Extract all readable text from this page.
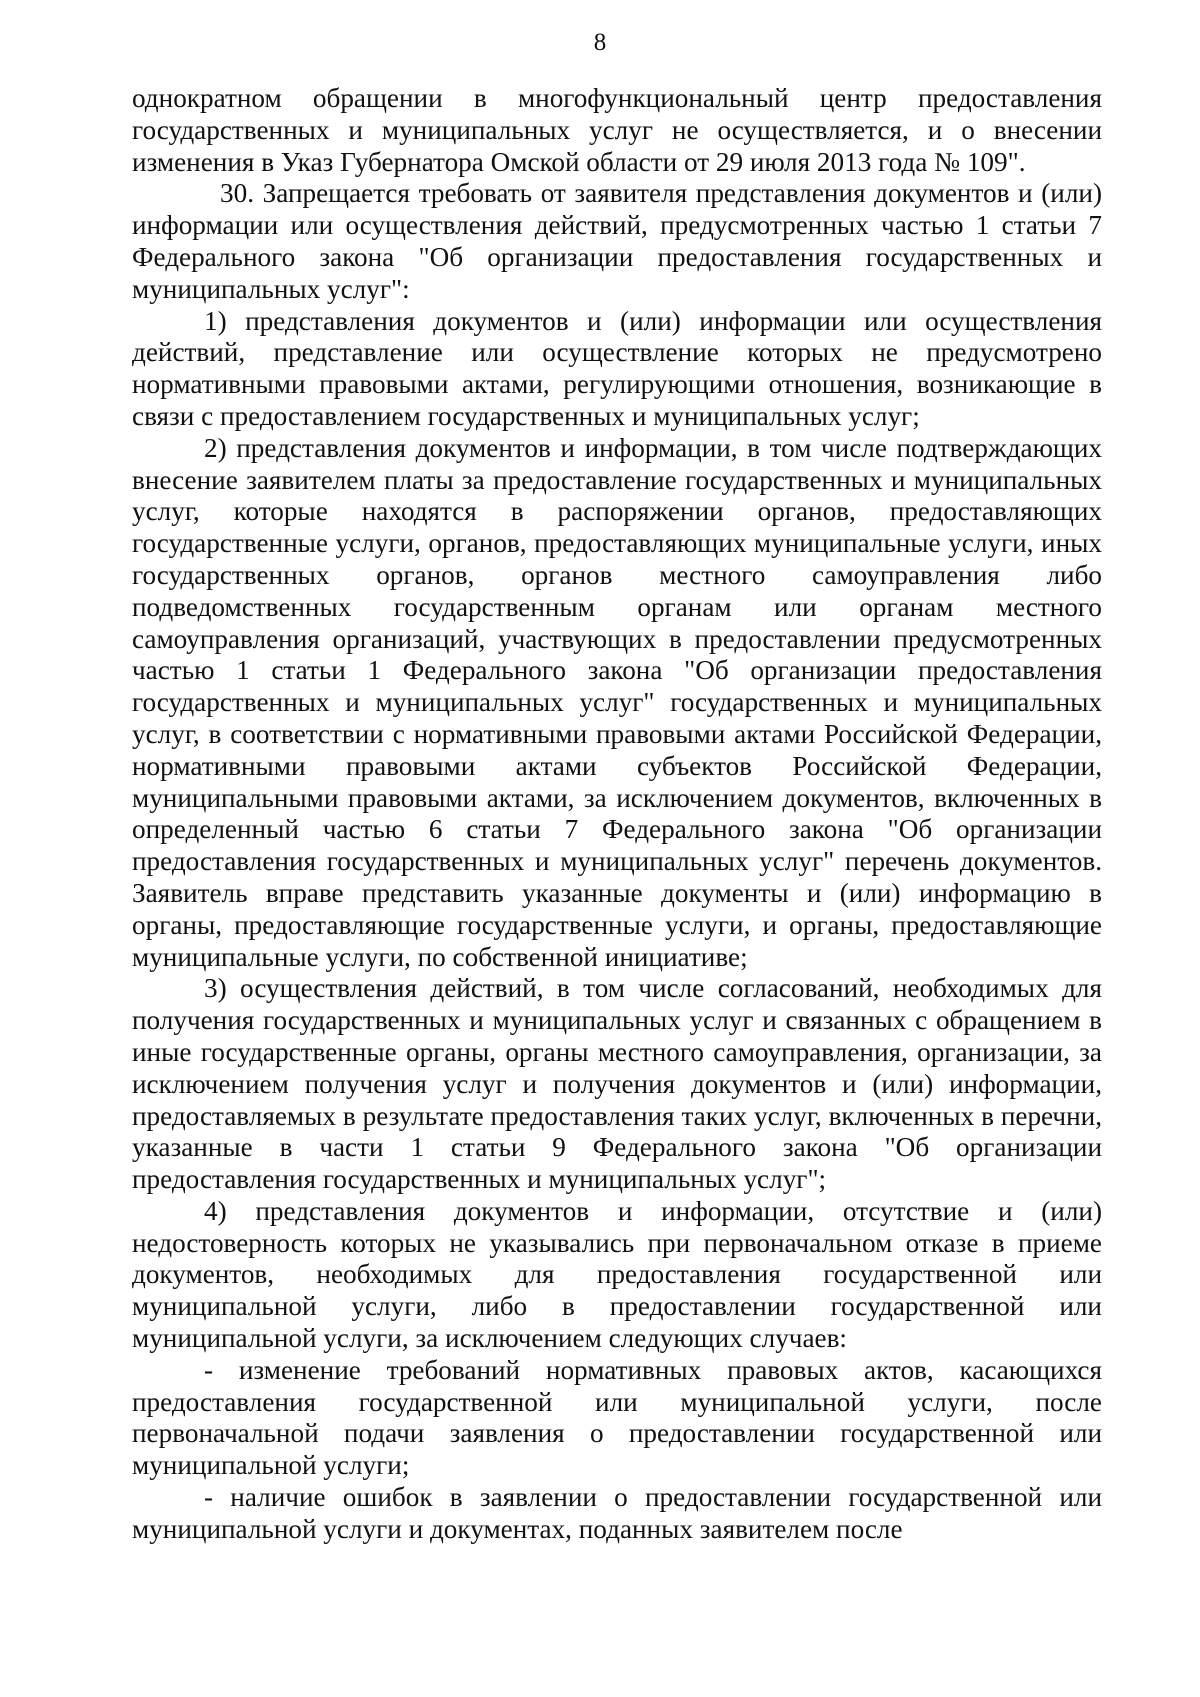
8

однократном обращении в многофункциональный центр предоставления государственных и муниципальных услуг не осуществляется, и о внесении изменения в Указ Губернатора Омской области от 29 июля 2013 года № 109".

30. Запрещается требовать от заявителя представления документов и (или) информации или осуществления действий, предусмотренных частью 1 статьи 7 Федерального закона "Об организации предоставления государственных и муниципальных услуг":

1) представления документов и (или) информации или осуществления действий, представление или осуществление которых не предусмотрено нормативными правовыми актами, регулирующими отношения, возникающие в связи с предоставлением государственных и муниципальных услуг;

2) представления документов и информации, в том числе подтверждающих внесение заявителем платы за предоставление государственных и муниципальных услуг, которые находятся в распоряжении органов, предоставляющих государственные услуги, органов, предоставляющих муниципальные услуги, иных государственных органов, органов местного самоуправления либо подведомственных государственным органам или органам местного самоуправления организаций, участвующих в предоставлении предусмотренных частью 1 статьи 1 Федерального закона "Об организации предоставления государственных и муниципальных услуг" государственных и муниципальных услуг, в соответствии с нормативными правовыми актами Российской Федерации, нормативными правовыми актами субъектов Российской Федерации, муниципальными правовыми актами, за исключением документов, включенных в определенный частью 6 статьи 7 Федерального закона "Об организации предоставления государственных и муниципальных услуг" перечень документов. Заявитель вправе представить указанные документы и (или) информацию в органы, предоставляющие государственные услуги, и органы, предоставляющие муниципальные услуги, по собственной инициативе;

3) осуществления действий, в том числе согласований, необходимых для получения государственных и муниципальных услуг и связанных с обращением в иные государственные органы, органы местного самоуправления, организации, за исключением получения услуг и получения документов и (или) информации, предоставляемых в результате предоставления таких услуг, включенных в перечни, указанные в части 1 статьи 9 Федерального закона "Об организации предоставления государственных и муниципальных услуг";

4) представления документов и информации, отсутствие и (или) недостоверность которых не указывались при первоначальном отказе в приеме документов, необходимых для предоставления государственной или муниципальной услуги, либо в предоставлении государственной или муниципальной услуги, за исключением следующих случаев:

- изменение требований нормативных правовых актов, касающихся предоставления государственной или муниципальной услуги, после первоначальной подачи заявления о предоставлении государственной или муниципальной услуги;

- наличие ошибок в заявлении о предоставлении государственной или муниципальной услуги и документах, поданных заявителем после
